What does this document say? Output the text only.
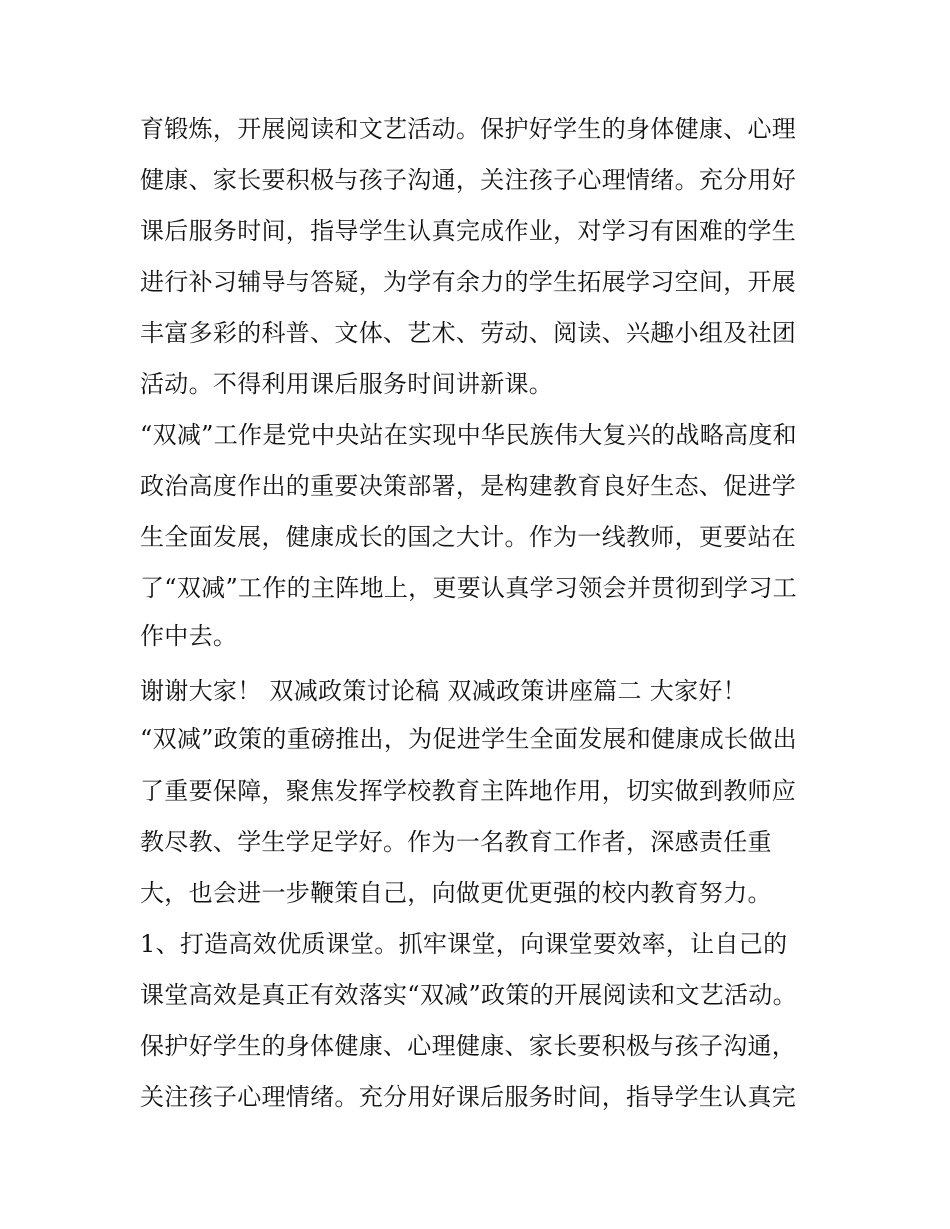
育锻炼，开展阅读和文艺活动。保护好学生的身体健康、心理
健康、家长要积极与孩子沟通，关注孩子心理情绪。充分用好
课后服务时间，指导学生认真完成作业，对学习有困难的学生
进行补习辅导与答疑，为学有余力的学生拓展学习空间，开展
丰富多彩的科普、文体、艺术、劳动、阅读、兴趣小组及社团
活动。不得利用课后服务时间讲新课。
“双减”工作是党中央站在实现中华民族伟大复兴的战略高度和
政治高度作出的重要决策部署，是构建教育良好生态、促进学
生全面发展，健康成长的国之大计。作为一线教师，更要站在
了“双减”工作的主阵地上，更要认真学习领会并贯彻到学习工
作中去。
谢谢大家！ 双减政策讨论稿 双减政策讲座篇二 大家好！
“双减”政策的重磅推出，为促进学生全面发展和健康成长做出
了重要保障，聚焦发挥学校教育主阵地作用，切实做到教师应
教尽教、学生学足学好。作为一名教育工作者，深感责任重
大，也会进一步鞭策自己，向做更优更强的校内教育努力。
1、打造高效优质课堂。抓牢课堂，向课堂要效率，让自己的
课堂高效是真正有效落实“双减”政策的开展阅读和文艺活动。
保护好学生的身体健康、心理健康、家长要积极与孩子沟通，
关注孩子心理情绪。充分用好课后服务时间，指导学生认真完
